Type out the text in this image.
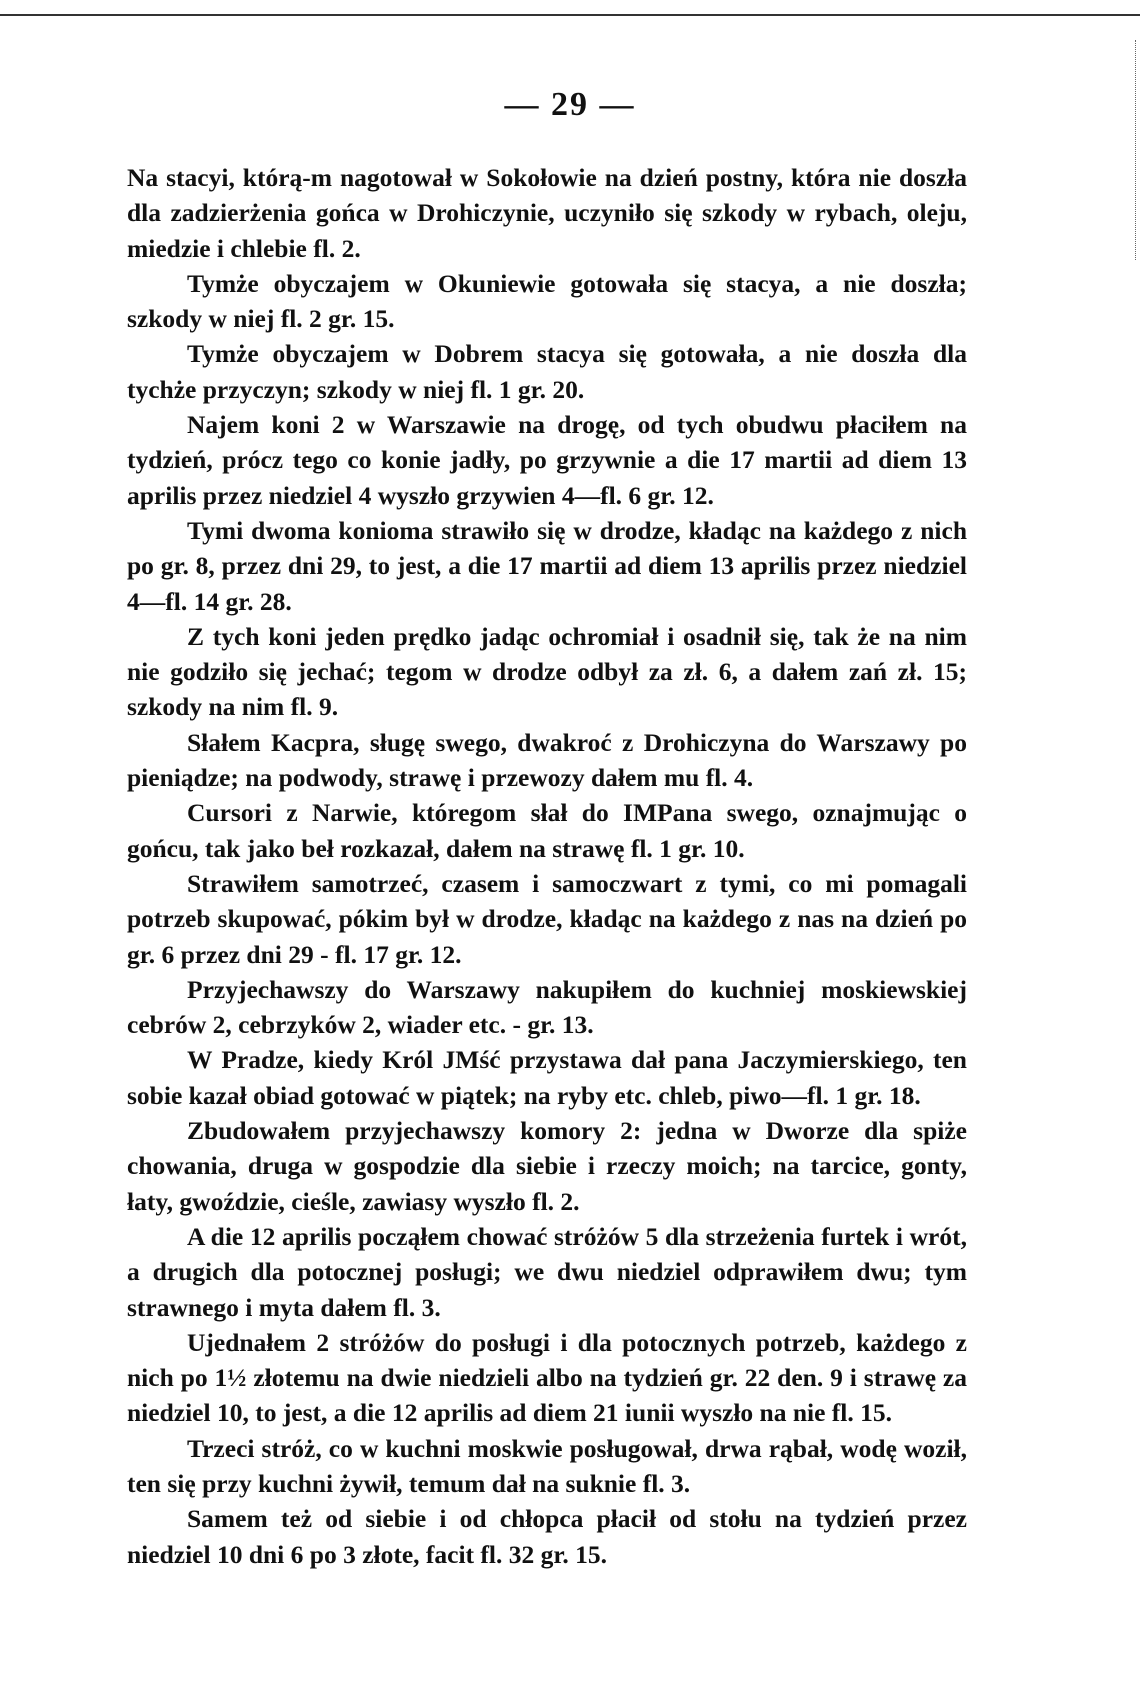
— 29 —

Na stacyi, którą-m nagotował w Sokołowie na dzień postny, która nie doszła dla zadzierżenia gońca w Drohiczynie, uczyniło się szkody w rybach, oleju, miedzie i chlebie fl. 2.

Tymże obyczajem w Okuniewie gotowała się stacya, a nie doszła; szkody w niej fl. 2 gr. 15.

Tymże obyczajem w Dobrem stacya się gotowała, a nie doszła dla tychże przyczyn; szkody w niej fl. 1 gr. 20.

Najem koni 2 w Warszawie na drogę, od tych obudwu płaciłem na tydzień, prócz tego co konie jadły, po grzywnie a die 17 martii ad diem 13 aprilis przez niedziel 4 wyszło grzywien 4—fl. 6 gr. 12.

Tymi dwoma koniomа strawiło się w drodze, kładąc na każdego z nich po gr. 8, przez dni 29, to jest, a die 17 martii ad diem 13 aprilis przez niedziel 4—fl. 14 gr. 28.

Z tych koni jeden prędko jadąc ochromiał i osadnił się, tak że na nim nie godziło się jechać; tegom w drodze odbył za zł. 6, a dałem zań zł. 15; szkody na nim fl. 9.

Słałem Kacpra, sługę swego, dwakroć z Drohiczyna do Warszawy po pieniądze; na podwody, strawę i przewozy dałem mu fl. 4.

Cursori z Narwie, któregom słał do IMPana swego, oznajmując o gońcu, tak jako beł rozkazał, dałem na strawę fl. 1 gr. 10.

Strawiłem samotrzeć, czasem i samoczwart z tymi, co mi pomagali potrzeb skupować, pókim był w drodze, kładąc na każdego z nas na dzień po gr. 6 przez dni 29 - fl. 17 gr. 12.

Przyjechawszy do Warszawy nakupiłem do kuchniej moskiewskiej cebrów 2, cebrzyków 2, wiader etc. - gr. 13.

W Pradze, kiedy Król JMść przystawa dał pana Jaczymierskiego, ten sobie kazał obiad gotować w piątek; na ryby etc. chleb, piwo—fl. 1 gr. 18.

Zbudowałem przyjechawszy komory 2: jedna w Dworze dla spiże chowania, druga w gospodzie dla siebie i rzeczy moich; na tarcice, gonty, łaty, gwoździe, cieśle, zawiasy wyszło fl. 2.

A die 12 aprilis począłem chować stróżów 5 dla strzeżenia furtek i wrót, a drugich dla potocznej posługi; we dwu niedziel odprawiłem dwu; tym strawnego i myta dałem fl. 3.

Ujednałem 2 stróżów do posługi i dla potocznych potrzeb, każdego z nich po 1½ złotemu na dwie niedzieli albo na tydzień gr. 22 den. 9 i strawę za niedziel 10, to jest, a die 12 aprilis ad diem 21 iunii wyszło na nie fl. 15.

Trzeci stróż, co w kuchni moskwie posługował, drwa rąbał, wodę woził, ten się przy kuchni żywił, temum dał na suknie fl. 3.

Samem też od siebie i od chłopca płacił od stołu na tydzień przez niedziel 10 dni 6 po 3 złote, facit fl. 32 gr. 15.
